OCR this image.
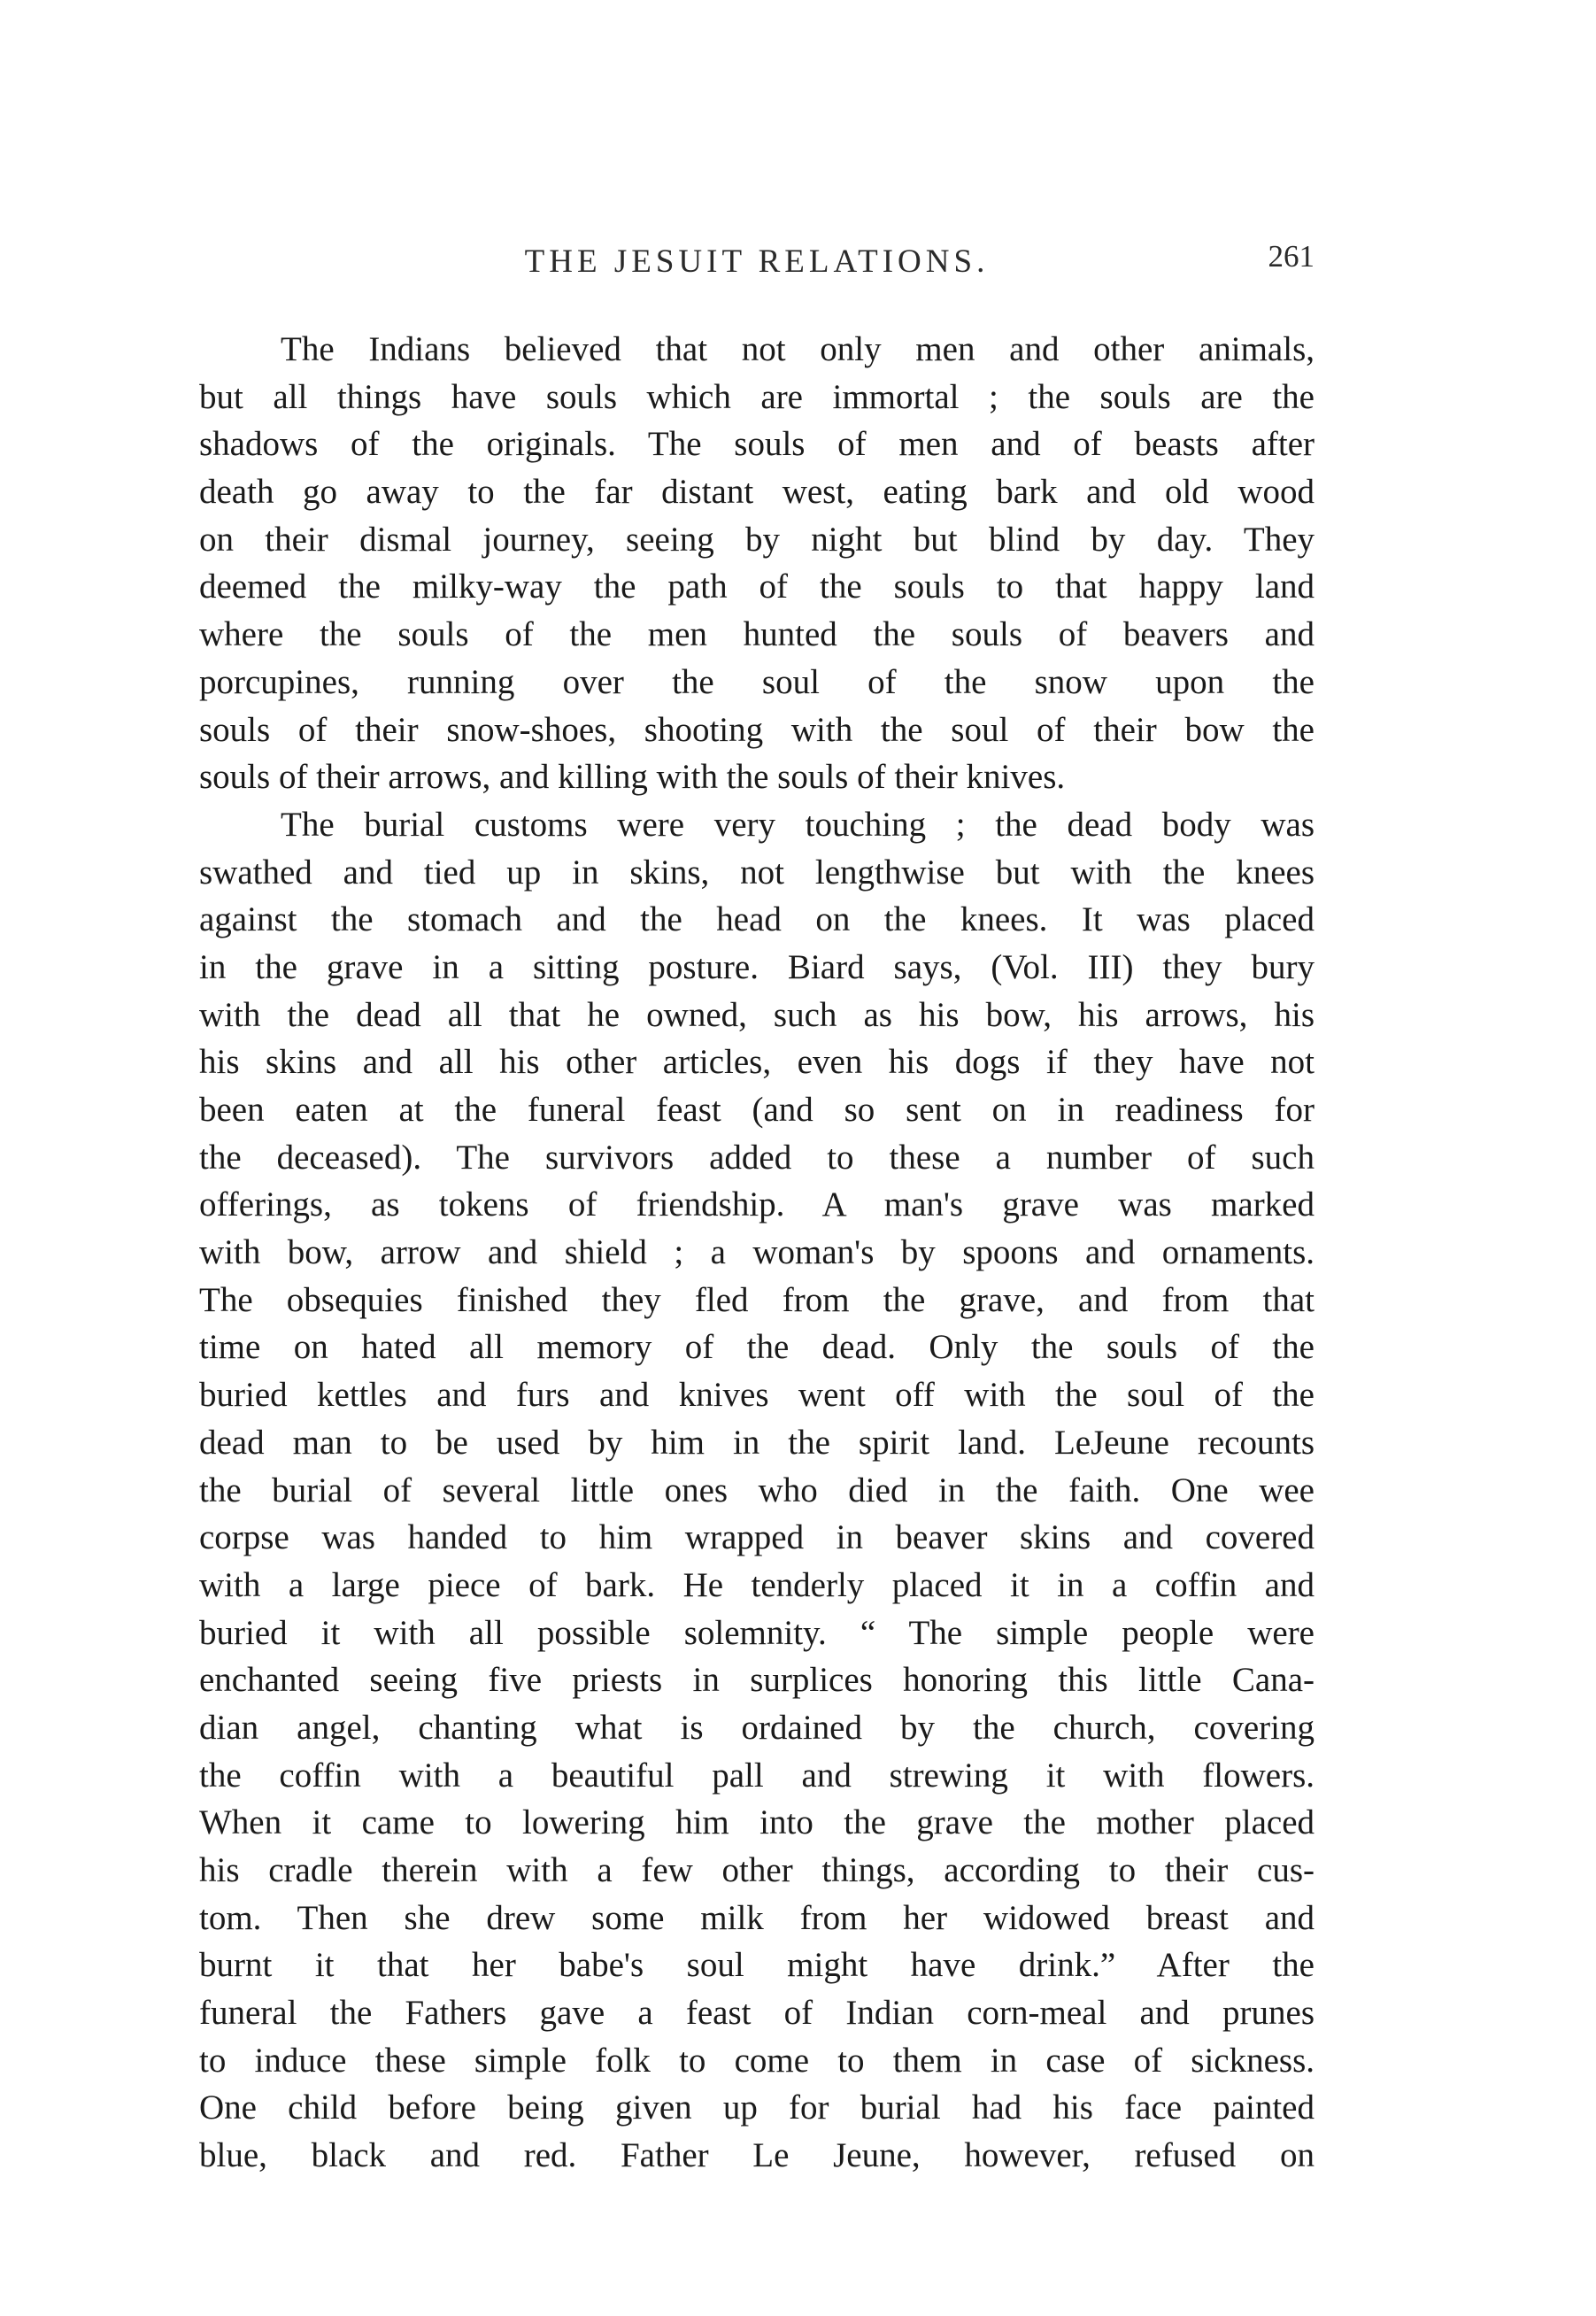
THE JESUIT RELATIONS.	261
The Indians believed that not only men and other animals,
but all things have souls which are immortal ; the souls are the
shadows of the originals. The souls of men and of beasts after
death go away to the far distant west, eating bark and old wood
on their dismal journey, seeing by night but blind by day. They
deemed the milky-way the path of the souls to that happy land
where the souls of the men hunted the souls of beavers and
porcupines, running over the soul of the snow upon the
souls of their snow-shoes, shooting with the soul of their bow the
souls of their arrows, and killing with the souls of their knives.
The burial customs were very touching ; the dead body was
swathed and tied up in skins, not lengthwise but with the knees
against the stomach and the head on the knees. It was placed
in the grave in a sitting posture. Biard says, (Vol. III) they bury
with the dead all that he owned, such as his bow, his arrows, his
his skins and all his other articles, even his dogs if they have not
been eaten at the funeral feast (and so sent on in readiness for
the deceased). The survivors added to these a number of such
offerings, as tokens of friendship. A man's grave was marked
with bow, arrow and shield ; a woman's by spoons and ornaments.
The obsequies finished they fled from the grave, and from that
time on hated all memory of the dead. Only the souls of the
buried kettles and furs and knives went off with the soul of the
dead man to be used by him in the spirit land. LeJeune recounts
the burial of several little ones who died in the faith. One wee
corpse was handed to him wrapped in beaver skins and covered
with a large piece of bark. He tenderly placed it in a coffin and
buried it with all possible solemnity. “ The simple people were
enchanted seeing five priests in surplices honoring this little Cana-
dian angel, chanting what is ordained by the church, covering
the coffin with a beautiful pall and strewing it with flowers.
When it came to lowering him into the grave the mother placed
his cradle therein with a few other things, according to their cus-
tom. Then she drew some milk from her widowed breast and
burnt it that her babe's soul might have drink.” After the
funeral the Fathers gave a feast of Indian corn-meal and prunes
to induce these simple folk to come to them in case of sickness.
One child before being given up for burial had his face painted
blue, black and red. Father Le Jeune, however, refused on
